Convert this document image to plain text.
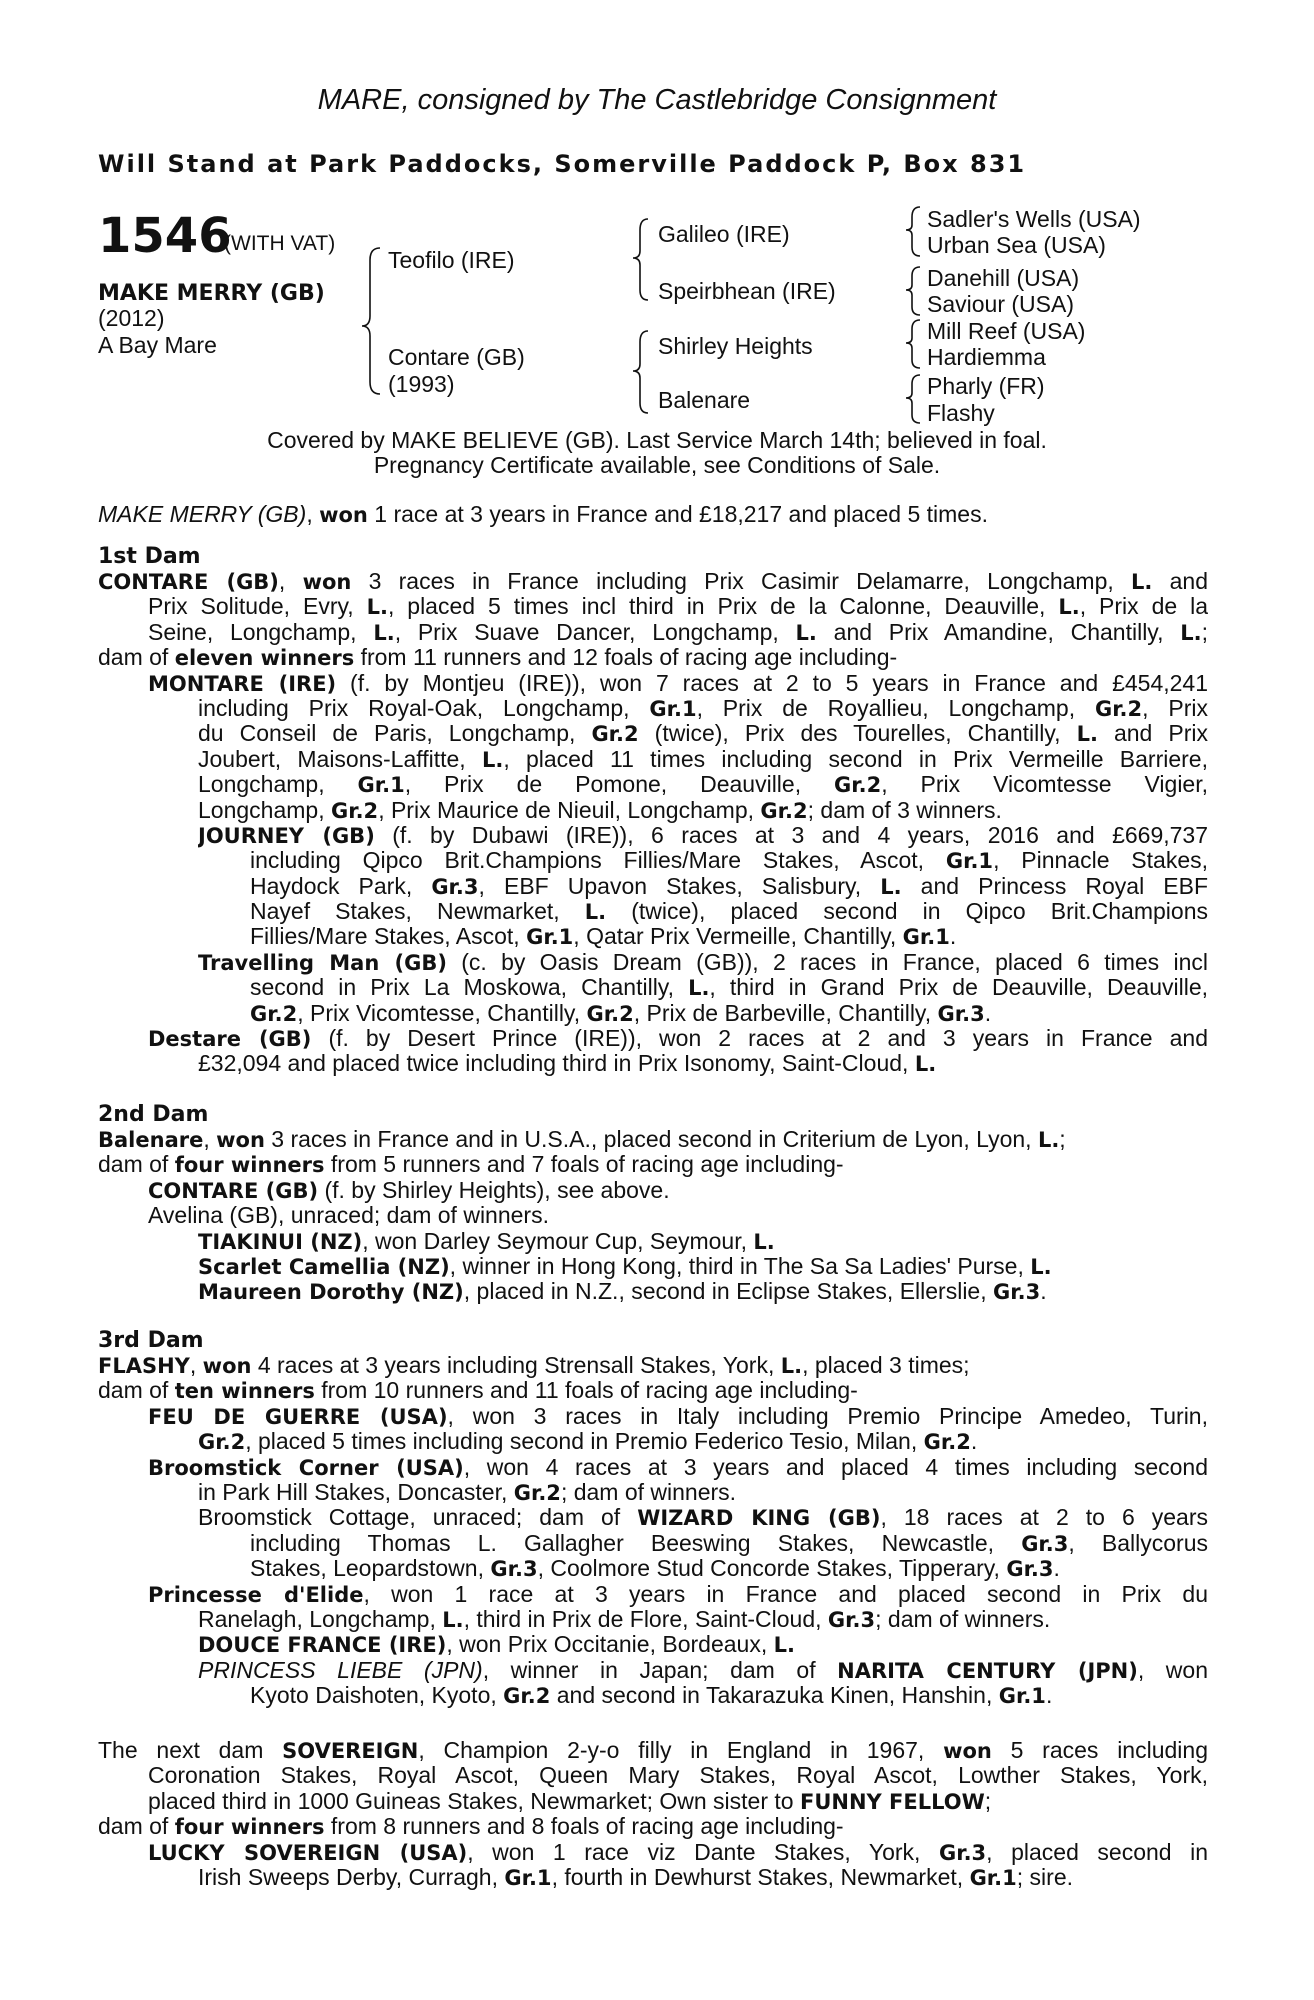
MARE, consigned by The Castlebridge Consignment
Will Stand at Park Paddocks, Somerville Paddock P, Box 831
1546
(WITH VAT)
MAKE MERRY (GB)
(2012)
A Bay Mare
Teofilo (IRE)
Contare (GB)
(1993)
Galileo (IRE)
Speirbhean (IRE)
Shirley Heights
Balenare
Sadler's Wells (USA)
Urban Sea (USA)
Danehill (USA)
Saviour (USA)
Mill Reef (USA)
Hardiemma
Pharly (FR)
Flashy
Covered by MAKE BELIEVE (GB). Last Service March 14th; believed in foal.
Pregnancy Certificate available, see Conditions of Sale.
MAKE MERRY (GB), won 1 race at 3 years in France and £18,217 and placed 5 times.
1st Dam
CONTARE (GB), won 3 races in France including Prix Casimir Delamarre, Longchamp, L. and
Prix Solitude, Evry, L., placed 5 times incl third in Prix de la Calonne, Deauville, L., Prix de la
Seine, Longchamp, L., Prix Suave Dancer, Longchamp, L. and Prix Amandine, Chantilly, L.;
dam of eleven winners from 11 runners and 12 foals of racing age including-
MONTARE (IRE) (f. by Montjeu (IRE)), won 7 races at 2 to 5 years in France and £454,241
including Prix Royal-Oak, Longchamp, Gr.1, Prix de Royallieu, Longchamp, Gr.2, Prix
du Conseil de Paris, Longchamp, Gr.2 (twice), Prix des Tourelles, Chantilly, L. and Prix
Joubert, Maisons-Laffitte, L., placed 11 times including second in Prix Vermeille Barriere,
Longchamp, Gr.1, Prix de Pomone, Deauville, Gr.2, Prix Vicomtesse Vigier,
Longchamp, Gr.2, Prix Maurice de Nieuil, Longchamp, Gr.2; dam of 3 winners.
JOURNEY (GB) (f. by Dubawi (IRE)), 6 races at 3 and 4 years, 2016 and £669,737
including Qipco Brit.Champions Fillies/Mare Stakes, Ascot, Gr.1, Pinnacle Stakes,
Haydock Park, Gr.3, EBF Upavon Stakes, Salisbury, L. and Princess Royal EBF
Nayef Stakes, Newmarket, L. (twice), placed second in Qipco Brit.Champions
Fillies/Mare Stakes, Ascot, Gr.1, Qatar Prix Vermeille, Chantilly, Gr.1.
Travelling Man (GB) (c. by Oasis Dream (GB)), 2 races in France, placed 6 times incl
second in Prix La Moskowa, Chantilly, L., third in Grand Prix de Deauville, Deauville,
Gr.2, Prix Vicomtesse, Chantilly, Gr.2, Prix de Barbeville, Chantilly, Gr.3.
Destare (GB) (f. by Desert Prince (IRE)), won 2 races at 2 and 3 years in France and
£32,094 and placed twice including third in Prix Isonomy, Saint-Cloud, L.
2nd Dam
Balenare, won 3 races in France and in U.S.A., placed second in Criterium de Lyon, Lyon, L.;
dam of four winners from 5 runners and 7 foals of racing age including-
CONTARE (GB) (f. by Shirley Heights), see above.
Avelina (GB), unraced; dam of winners.
TIAKINUI (NZ), won Darley Seymour Cup, Seymour, L.
Scarlet Camellia (NZ), winner in Hong Kong, third in The Sa Sa Ladies' Purse, L.
Maureen Dorothy (NZ), placed in N.Z., second in Eclipse Stakes, Ellerslie, Gr.3.
3rd Dam
FLASHY, won 4 races at 3 years including Strensall Stakes, York, L., placed 3 times;
dam of ten winners from 10 runners and 11 foals of racing age including-
FEU DE GUERRE (USA), won 3 races in Italy including Premio Principe Amedeo, Turin,
Gr.2, placed 5 times including second in Premio Federico Tesio, Milan, Gr.2.
Broomstick Corner (USA), won 4 races at 3 years and placed 4 times including second
in Park Hill Stakes, Doncaster, Gr.2; dam of winners.
Broomstick Cottage, unraced; dam of WIZARD KING (GB), 18 races at 2 to 6 years
including Thomas L. Gallagher Beeswing Stakes, Newcastle, Gr.3, Ballycorus
Stakes, Leopardstown, Gr.3, Coolmore Stud Concorde Stakes, Tipperary, Gr.3.
Princesse d'Elide, won 1 race at 3 years in France and placed second in Prix du
Ranelagh, Longchamp, L., third in Prix de Flore, Saint-Cloud, Gr.3; dam of winners.
DOUCE FRANCE (IRE), won Prix Occitanie, Bordeaux, L.
PRINCESS LIEBE (JPN), winner in Japan; dam of NARITA CENTURY (JPN), won
Kyoto Daishoten, Kyoto, Gr.2 and second in Takarazuka Kinen, Hanshin, Gr.1.
The next dam SOVEREIGN, Champion 2-y-o filly in England in 1967, won 5 races including
Coronation Stakes, Royal Ascot, Queen Mary Stakes, Royal Ascot, Lowther Stakes, York,
placed third in 1000 Guineas Stakes, Newmarket; Own sister to FUNNY FELLOW;
dam of four winners from 8 runners and 8 foals of racing age including-
LUCKY SOVEREIGN (USA), won 1 race viz Dante Stakes, York, Gr.3, placed second in
Irish Sweeps Derby, Curragh, Gr.1, fourth in Dewhurst Stakes, Newmarket, Gr.1; sire.
